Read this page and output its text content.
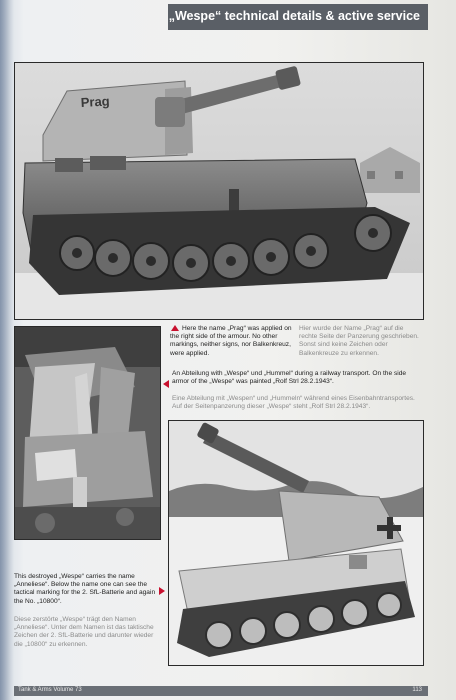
„Wespe“ technical details & active service
Prag
Here the name „Prag“ was applied on the right side of the armour. No other markings, neither signs, nor Balkenkreuz, were applied.
Hier wurde der Name „Prag“ auf die rechte Seite der Panzerung geschrieben. Sonst sind keine Zeichen oder Balkenkreuze zu erkennen.
An Abteilung with „Wespe“ und „Hummel“ during a railway transport. On the side armor of the „Wespe“ was painted „Rolf Strl 28.2.1943“.
Eine Abteilung mit „Wespen“ und „Hummeln“ während eines Eisenbahntransportes. Auf der Seitenpanzerung dieser „Wespe“ steht „Rolf Strl 28.2.1943“.
This destroyed „Wespe“ carries the name „Anneliese“. Below the name one can see the tactical marking for the 2. SfL-Batterie and again the No. „10800“.
Diese zerstörte „Wespe“ trägt den Namen „Anneliese“. Unter dem Namen ist das taktische Zeichen der 2. SfL-Batterie und darunter wieder die „10800“ zu erkennen.
Tank & Arms Volume 73	113
